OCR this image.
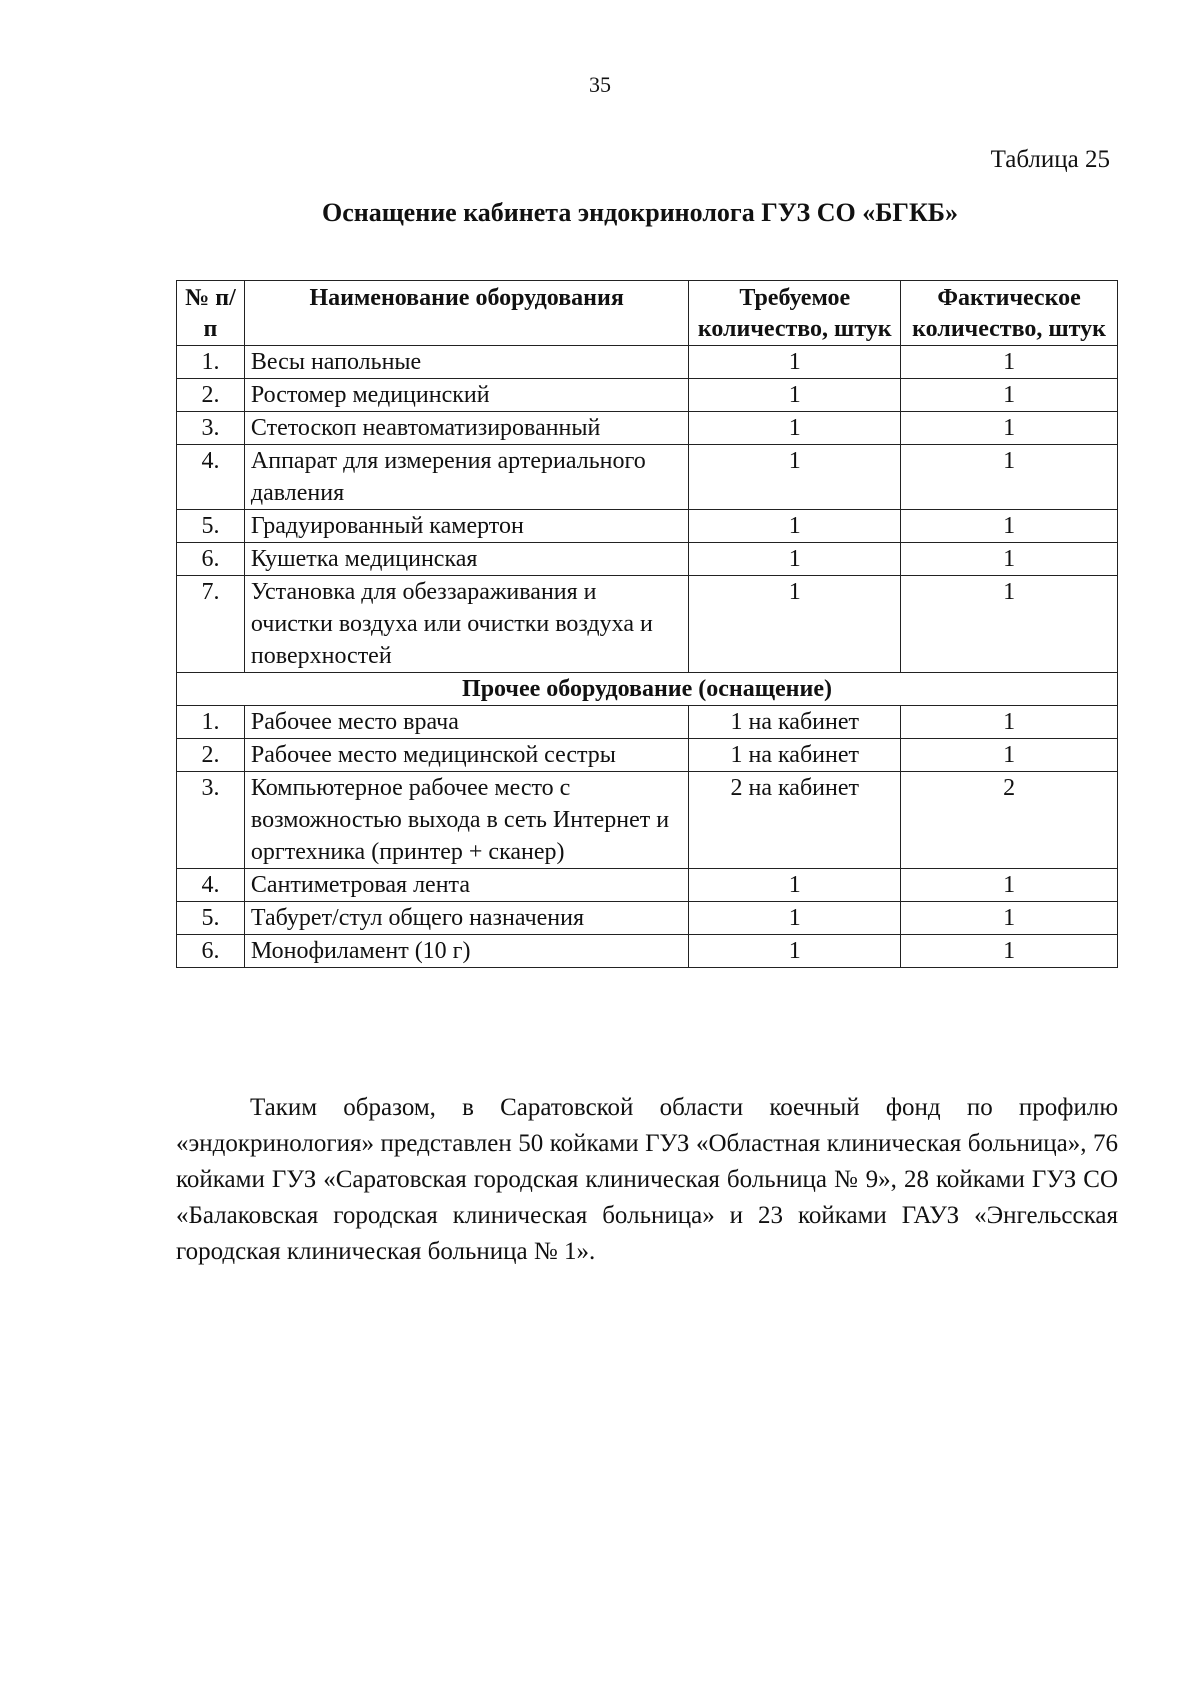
35
Таблица 25
Оснащение кабинета эндокринолога ГУЗ СО «БГКБ»
№ п/п	Наименование оборудования	Требуемое количество, штук	Фактическое количество, штук
1.	Весы напольные	1	1
2.	Ростомер медицинский	1	1
3.	Стетоскоп неавтоматизированный	1	1
4.	Аппарат для измерения артериального давления	1	1
5.	Градуированный камертон	1	1
6.	Кушетка медицинская	1	1
7.	Установка для обеззараживания и очистки воздуха или очистки воздуха и поверхностей	1	1
Прочее оборудование (оснащение)			
1.	Рабочее место врача	1 на кабинет	1
2.	Рабочее место медицинской сестры	1 на кабинет	1
3.	Компьютерное рабочее место с возможностью выхода в сеть Интернет и оргтехника (принтер + сканер)	2 на кабинет	2
4.	Сантиметровая лента	1	1
5.	Табурет/стул общего назначения	1	1
6.	Монофиламент (10 г)	1	1
Таким образом, в Саратовской области коечный фонд по профилю «эндокринология» представлен 50 койками ГУЗ «Областная клиническая больница», 76 койками ГУЗ «Саратовская городская клиническая больница № 9», 28 койками ГУЗ СО «Балаковская городская клиническая больница» и 23 койками ГАУЗ «Энгельсская городская клиническая больница № 1».
